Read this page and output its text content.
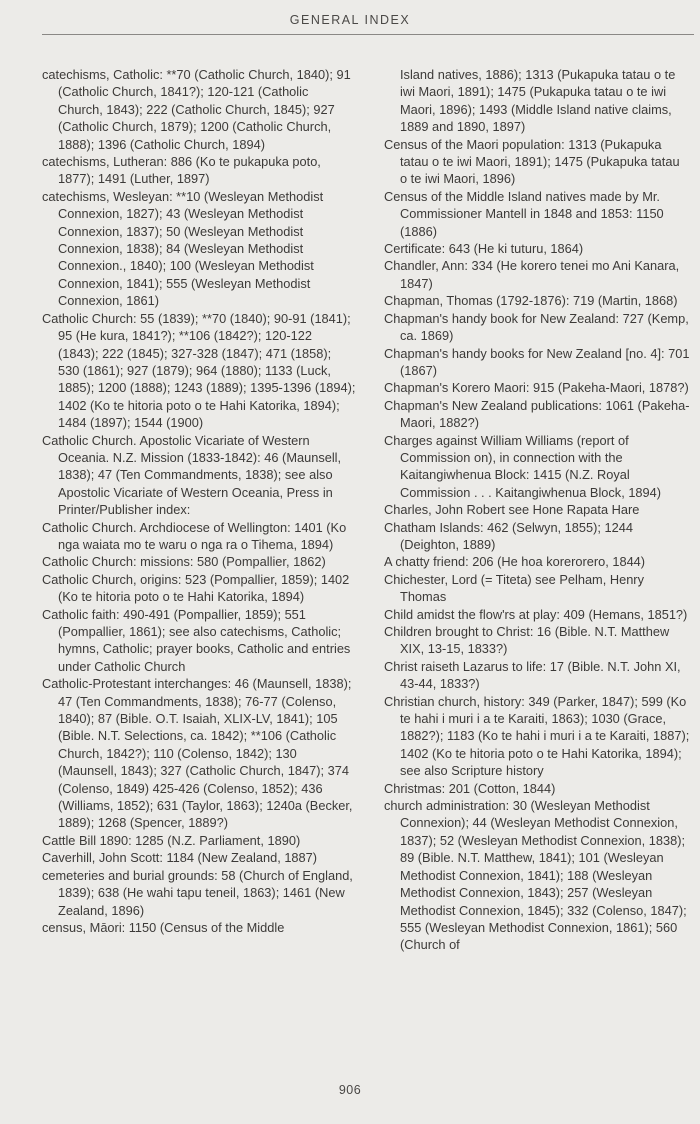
GENERAL INDEX

catechisms, Catholic: **70 (Catholic Church, 1840); 91 (Catholic Church, 1841?); 120-121 (Catholic Church, 1843); 222 (Catholic Church, 1845); 927 (Catholic Church, 1879); 1200 (Catholic Church, 1888); 1396 (Catholic Church, 1894)

catechisms, Lutheran: 886 (Ko te pukapuka poto, 1877); 1491 (Luther, 1897)

catechisms, Wesleyan: **10 (Wesleyan Methodist Connexion, 1827); 43 (Wesleyan Methodist Connexion, 1837); 50 (Wesleyan Methodist Connexion, 1838); 84 (Wesleyan Methodist Connexion., 1840); 100 (Wesleyan Methodist Connexion, 1841); 555 (Wesleyan Methodist Connexion, 1861)

Catholic Church: 55 (1839); **70 (1840); 90-91 (1841); 95 (He kura, 1841?); **106 (1842?); 120-122 (1843); 222 (1845); 327-328 (1847); 471 (1858); 530 (1861); 927 (1879); 964 (1880); 1133 (Luck, 1885); 1200 (1888); 1243 (1889); 1395-1396 (1894); 1402 (Ko te hitoria poto o te Hahi Katorika, 1894); 1484 (1897); 1544 (1900)

Catholic Church. Apostolic Vicariate of Western Oceania. N.Z. Mission (1833-1842): 46 (Maunsell, 1838); 47 (Ten Commandments, 1838); see also Apostolic Vicariate of Western Oceania, Press in Printer/Publisher index:

Catholic Church. Archdiocese of Wellington: 1401 (Ko nga waiata mo te waru o nga ra o Tihema, 1894)

Catholic Church: missions: 580 (Pompallier, 1862)

Catholic Church, origins: 523 (Pompallier, 1859); 1402 (Ko te hitoria poto o te Hahi Katorika, 1894)

Catholic faith: 490-491 (Pompallier, 1859); 551 (Pompallier, 1861); see also catechisms, Catholic; hymns, Catholic; prayer books, Catholic and entries under Catholic Church

Catholic-Protestant interchanges: 46 (Maunsell, 1838); 47 (Ten Commandments, 1838); 76-77 (Colenso, 1840); 87 (Bible. O.T. Isaiah, XLIX-LV, 1841); 105 (Bible. N.T. Selections, ca. 1842); **106 (Catholic Church, 1842?); 110 (Colenso, 1842); 130 (Maunsell, 1843); 327 (Catholic Church, 1847); 374 (Colenso, 1849) 425-426 (Colenso, 1852); 436 (Williams, 1852); 631 (Taylor, 1863); 1240a (Becker, 1889); 1268 (Spencer, 1889?)

Cattle Bill 1890: 1285 (N.Z. Parliament, 1890)

Caverhill, John Scott: 1184 (New Zealand, 1887)

cemeteries and burial grounds: 58 (Church of England, 1839); 638 (He wahi tapu teneil, 1863); 1461 (New Zealand, 1896)

census, Māori: 1150 (Census of the Middle

Island natives, 1886); 1313 (Pukapuka tatau o te iwi Maori, 1891); 1475 (Pukapuka tatau o te iwi Maori, 1896); 1493 (Middle Island native claims, 1889 and 1890, 1897)

Census of the Maori population: 1313 (Pukapuka tatau o te iwi Maori, 1891); 1475 (Pukapuka tatau o te iwi Maori, 1896)

Census of the Middle Island natives made by Mr. Commissioner Mantell in 1848 and 1853: 1150 (1886)

Certificate: 643 (He ki tuturu, 1864)

Chandler, Ann: 334 (He korero tenei mo Ani Kanara, 1847)

Chapman, Thomas (1792-1876): 719 (Martin, 1868)

Chapman's handy book for New Zealand: 727 (Kemp, ca. 1869)

Chapman's handy books for New Zealand [no. 4]: 701 (1867)

Chapman's Korero Maori: 915 (Pakeha-Maori, 1878?)

Chapman's New Zealand publications: 1061 (Pakeha-Maori, 1882?)

Charges against William Williams (report of Commission on), in connection with the Kaitangiwhenua Block: 1415 (N.Z. Royal Commission . . . Kaitangiwhenua Block, 1894)

Charles, John Robert see Hone Rapata Hare

Chatham Islands: 462 (Selwyn, 1855); 1244 (Deighton, 1889)

A chatty friend: 206 (He hoa korerorero, 1844)

Chichester, Lord (= Titeta) see Pelham, Henry Thomas

Child amidst the flow'rs at play: 409 (Hemans, 1851?)

Children brought to Christ: 16 (Bible. N.T. Matthew XIX, 13-15, 1833?)

Christ raiseth Lazarus to life: 17 (Bible. N.T. John XI, 43-44, 1833?)

Christian church, history: 349 (Parker, 1847); 599 (Ko te hahi i muri i a te Karaiti, 1863); 1030 (Grace, 1882?); 1183 (Ko te hahi i muri i a te Karaiti, 1887); 1402 (Ko te hitoria poto o te Hahi Katorika, 1894); see also Scripture history

Christmas: 201 (Cotton, 1844)

church administration: 30 (Wesleyan Methodist Connexion); 44 (Wesleyan Methodist Connexion, 1837); 52 (Wesleyan Methodist Connexion, 1838); 89 (Bible. N.T. Matthew, 1841); 101 (Wesleyan Methodist Connexion, 1841); 188 (Wesleyan Methodist Connexion, 1843); 257 (Wesleyan Methodist Connexion, 1845); 332 (Colenso, 1847); 555 (Wesleyan Methodist Connexion, 1861); 560 (Church of

906
